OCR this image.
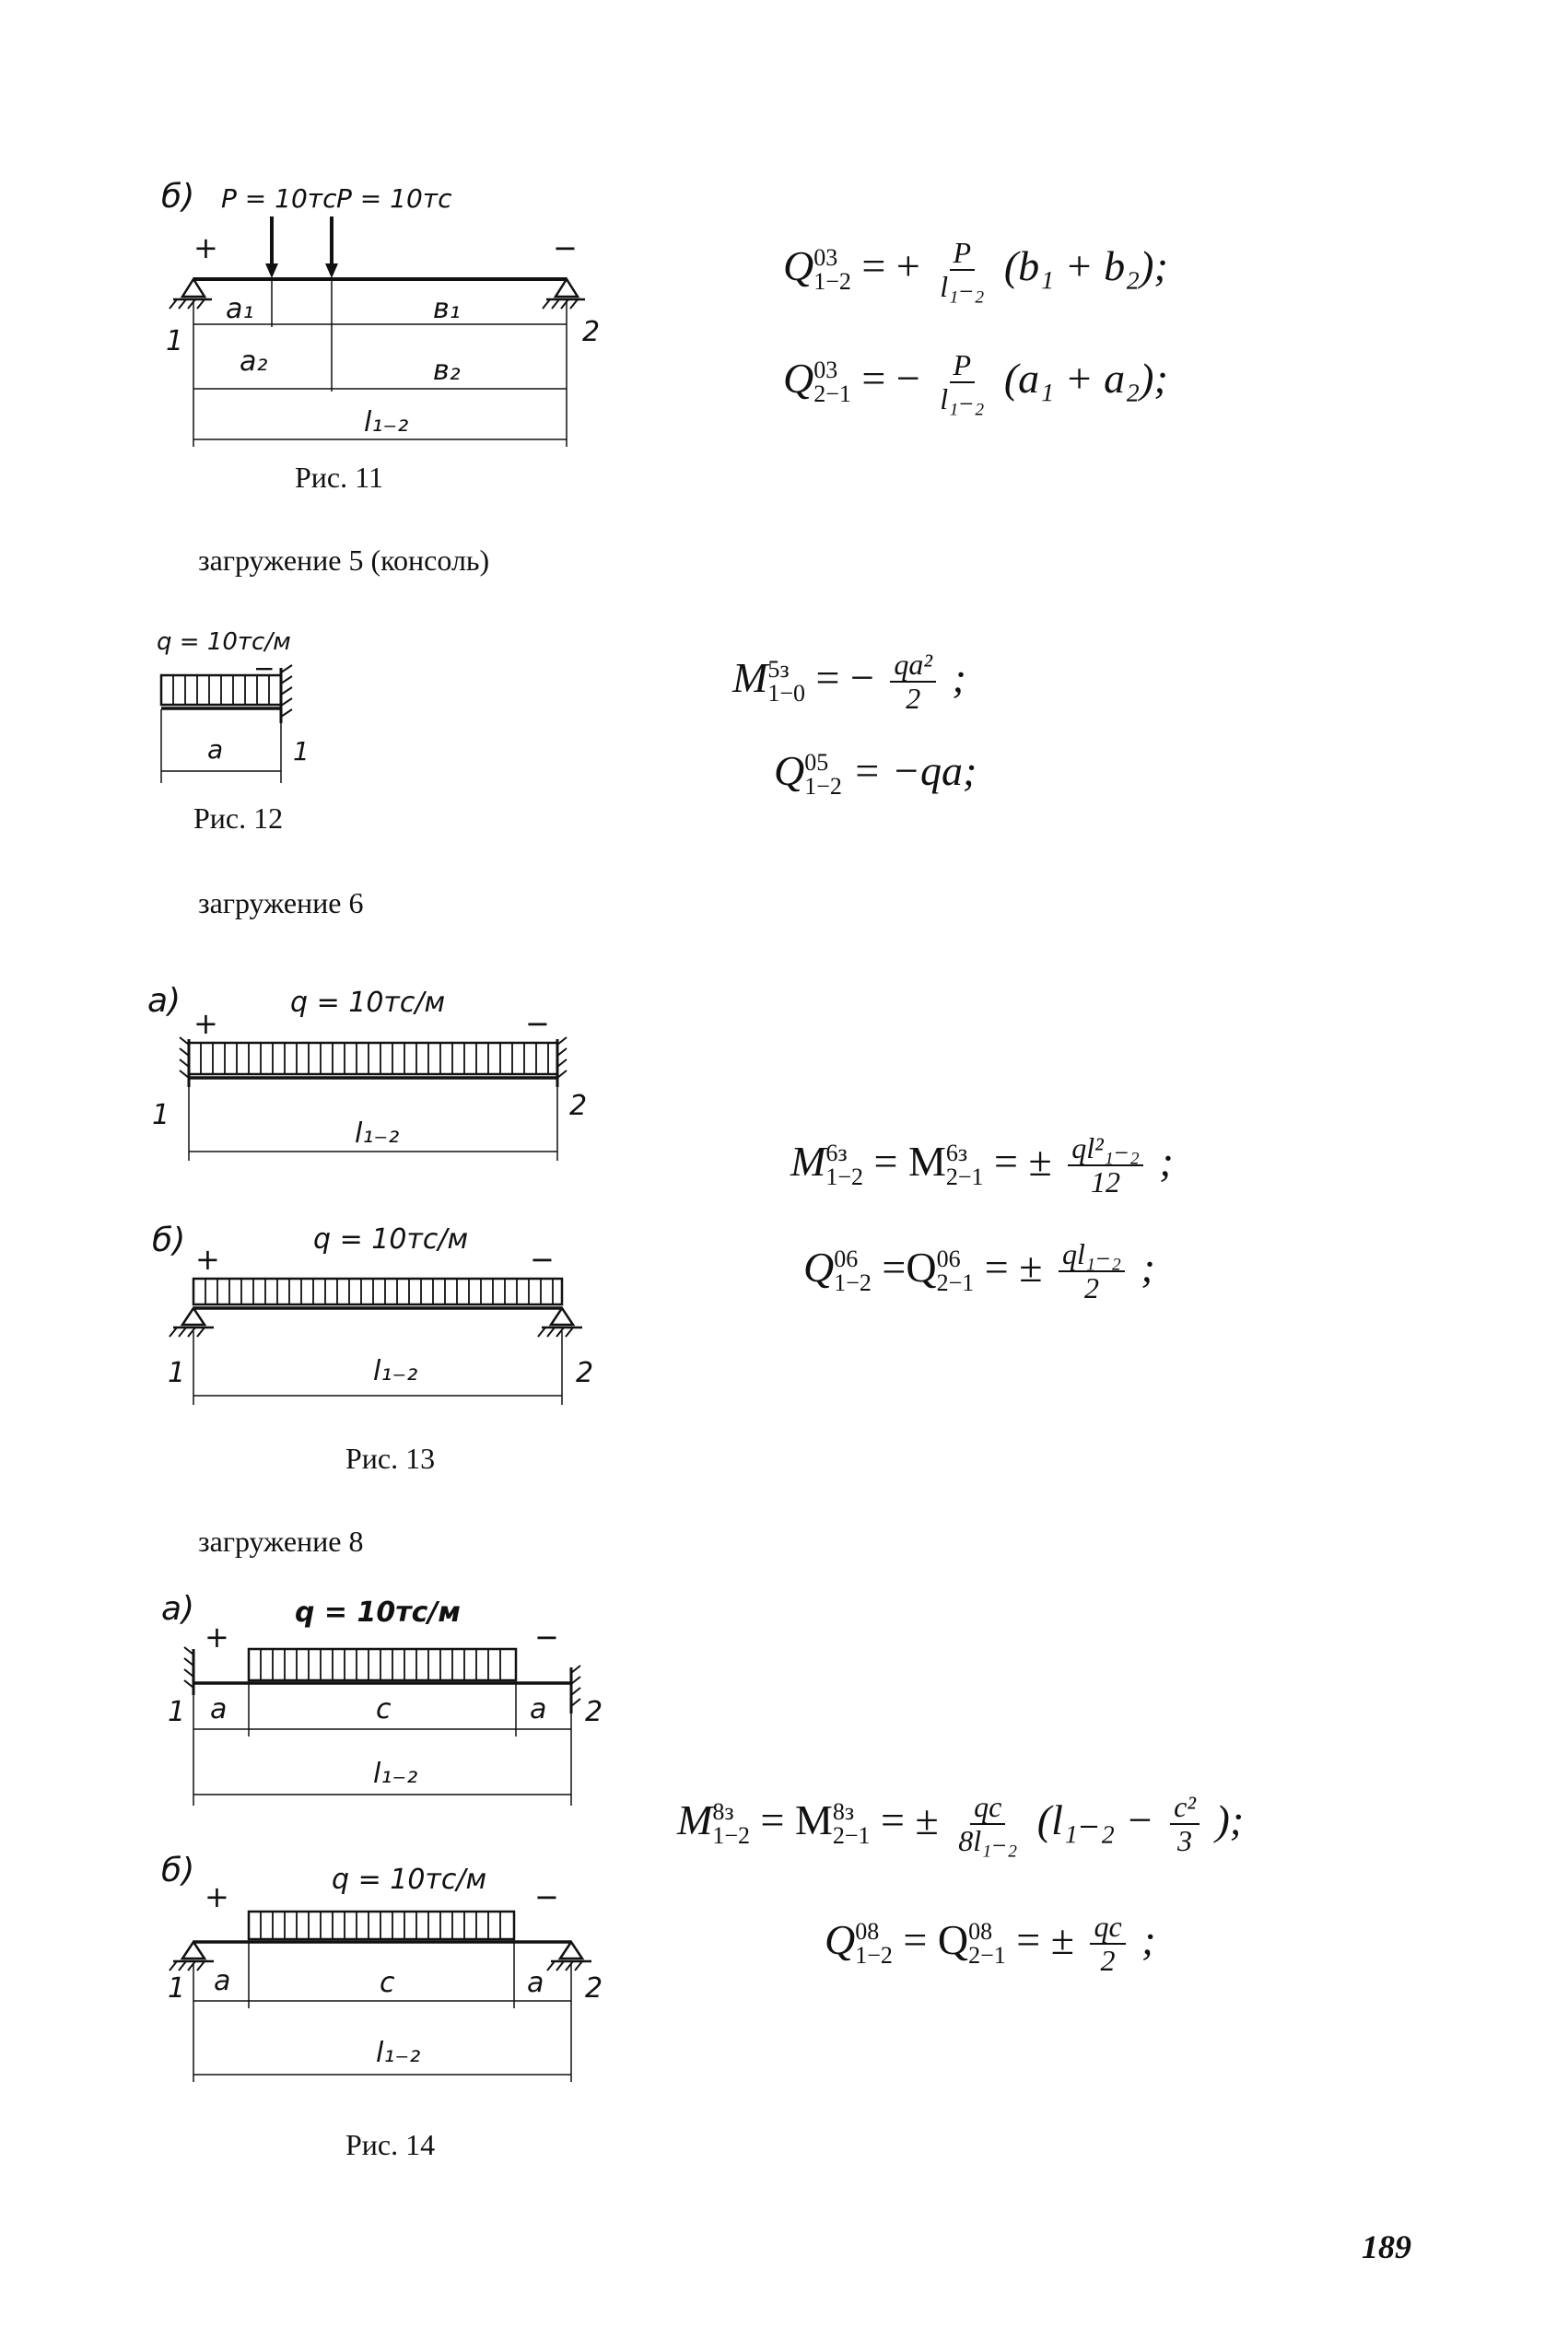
б) P = 10тс P = 10тс
+	−
a₁	в₁
a₂	в₂
l₁₋₂
1	2
Рис. 11
Q 03
1−2 = + $\frac{P}{\text{l₁₋₂}} (b_1 + b_2)$;
Q 03
2−1 = − $\frac{P}{\text{l₁₋₂}} (a_1 + a_2)$;
загружение 5 (консоль)
q = 10тс/м
−
a	1
Рис. 12
M 5з
1−0 = − $\frac{\text{qa²}}{2}$ ;
Q 05
1−2 = −qa;
загружение 6
а)	q = 10тс/м
+	−
l₁₋₂
1	2
б)	q = 10тс/м
+	−
l₁₋₂
1	2
Рис. 13
M 6з
1−2 = M 6з
2−1 = ± $\frac{\text{ql²₁₋₂}}{12}$ ;
Q 06
1−2 =Q 06
2−1 = ± $\frac{\text{ql₁₋₂}}{2}$ ;
загружение 8
а)	q = 10тс/м
+	−
a	c	a
l₁₋₂
1	2
б)	q = 10тс/м
+	−
a	c	a
l₁₋₂
1	2
Рис. 14
M 8з
1−2 = M 8з
2−1 = ± $\frac{qc}{\text{8l₁₋₂}} (l_{1-2} - \frac{\text{c²}}{3}$ );
Q 08
1−2 = Q 08
2−1 = ± $\frac{qc}{2}$ ;
189
